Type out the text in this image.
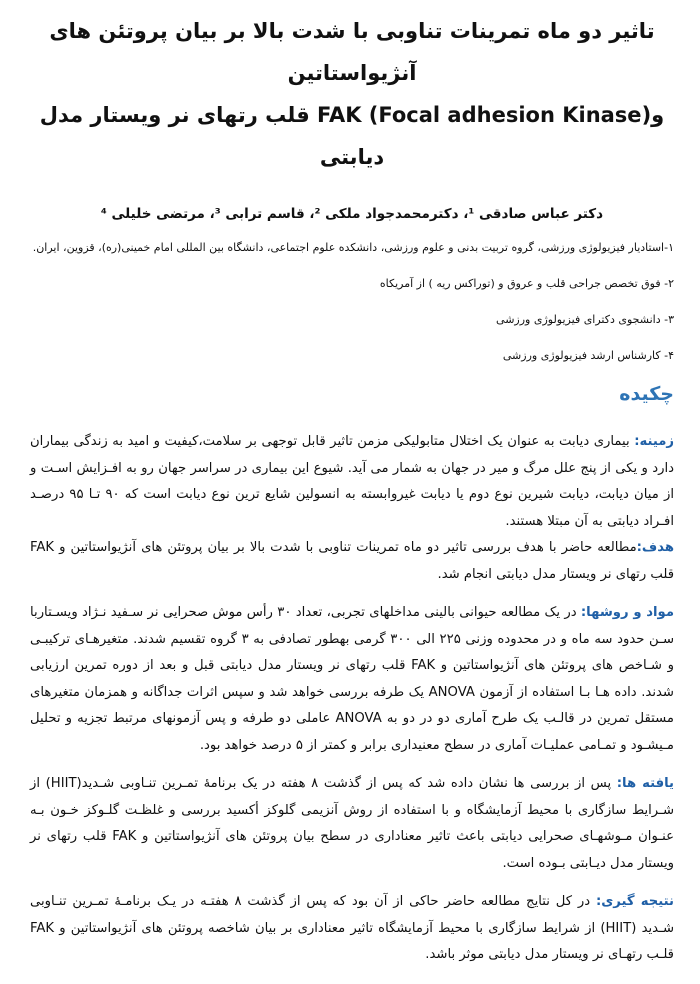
تاثیر دو ماه تمرینات تناوبی با شدت بالا بر بیان پروتئن های آنژیواستاتین
و(FAK (Focal adhesion Kinase قلب رتهای نر ویستار مدل دیابتی
دکتر عباس صادقی ¹، دکترمحمدجواد ملکی ²، قاسم ترابی ³، مرتضی خلیلی ⁴
۱-استادیار فیزیولوژی ورزشی، گروه تربیت بدنی و علوم ورزشی، دانشکده علوم اجتماعی، دانشگاه بین المللی امام خمینی(ره)، قزوین، ایران.
۲- فوق تخصص جراحی قلب و عروق و (توراکس ریه ) از آمریکاه
۳- دانشجوی دکترای فیزیولوژی ورزشی
۴- کارشناس ارشد فیزیولوژی ورزشی
چکیده
زمینه: بیماری دیابت به عنوان یک اختلال متابولیکی مزمن تاثیر قابل توجهی بر سلامت،کیفیت و امید به زندگی بیماران دارد و یکی از پنج علل مرگ و میر در جهان به شمار می آید. شیوع این بیماری در سراسر جهان رو به افـزایش اسـت و از میان دیابت، دیابت شیرین نوع دوم یا دیابت غیروابسته به انسولین شایع ترین نوع دیابت است که ۹۰ تـا ۹۵ درصـد افـراد دیابتی به آن مبتلا هستند.
هدف:مطالعه حاضر با هدف بررسی تاثیر دو ماه تمرینات تناوبی با شدت بالا بر بیان پروتئن های آنژیواستاتین و FAK قلب رتهای نر ویستار مدل دیابتی انجام شد.
مواد و روشها: در یک مطالعه حیوانی بالینی مداخلهای تجربی، تعداد ۳۰ رأس موش صحرایی نر سـفید نـژاد ویسـتاربا سـن حدود سه ماه و در محدوده وزنی ۲۲۵ الی ۳۰۰ گرمی بهطور تصادفی به ۳ گروه تقسیم شدند. متغیرهـای ترکیبـی و شـاخص های پروتئن های آنژیواستاتین و FAK قلب رتهای نر ویستار مدل دیابتی قبل و بعد از دوره تمرین ارزیابی شدند. داده هـا بـا استفاده از آزمون ANOVA یک طرفه بررسی خواهد شد و سپس اثرات جداگانه و همزمان متغیرهای مستقل تمرین در قالـب یک طرح آماری دو در دو به ANOVA عاملی دو طرفه و پس آزمونهای مرتبط تجزیه و تحلیل مـیشـود و تمـامی عملیـات آماری در سطح معنیداری برابر و کمتر از ۵ درصد خواهد بود.
یافته ها: پس از بررسی ها نشان داده شد که پس از گذشت ۸ هفته در یک برنامهٔ تمـرین تنـاوبی شـدید(HIIT) از شـرایط سازگاری با محیط آزمایشگاه و با استفاده از روش آنزیمی گلوکز أکسید بررسی و غلظـت گلـوکز خـون بـه عنـوان مـوشهـای صحرایی دیابتی باعث تاثیر معناداری در سطح بیان پروتئن های آنژیواستاتین و FAK قلب رتهای نر ویستار مدل دیـابتی بـوده است.
نتیجه گیری: در کل نتایج مطالعه حاضر حاکی از آن بود که پس از گذشت ۸ هفتـه در یـک برنامـهٔ تمـرین تنـاوبی شـدید (HIIT) از شرایط سازگاری با محیط آزمایشگاه تاثیر معناداری بر بیان شاخصه پروتئن های آنژیواستاتین و FAK قلـب رتهـای نر ویستار مدل دیابتی موثر باشد.
